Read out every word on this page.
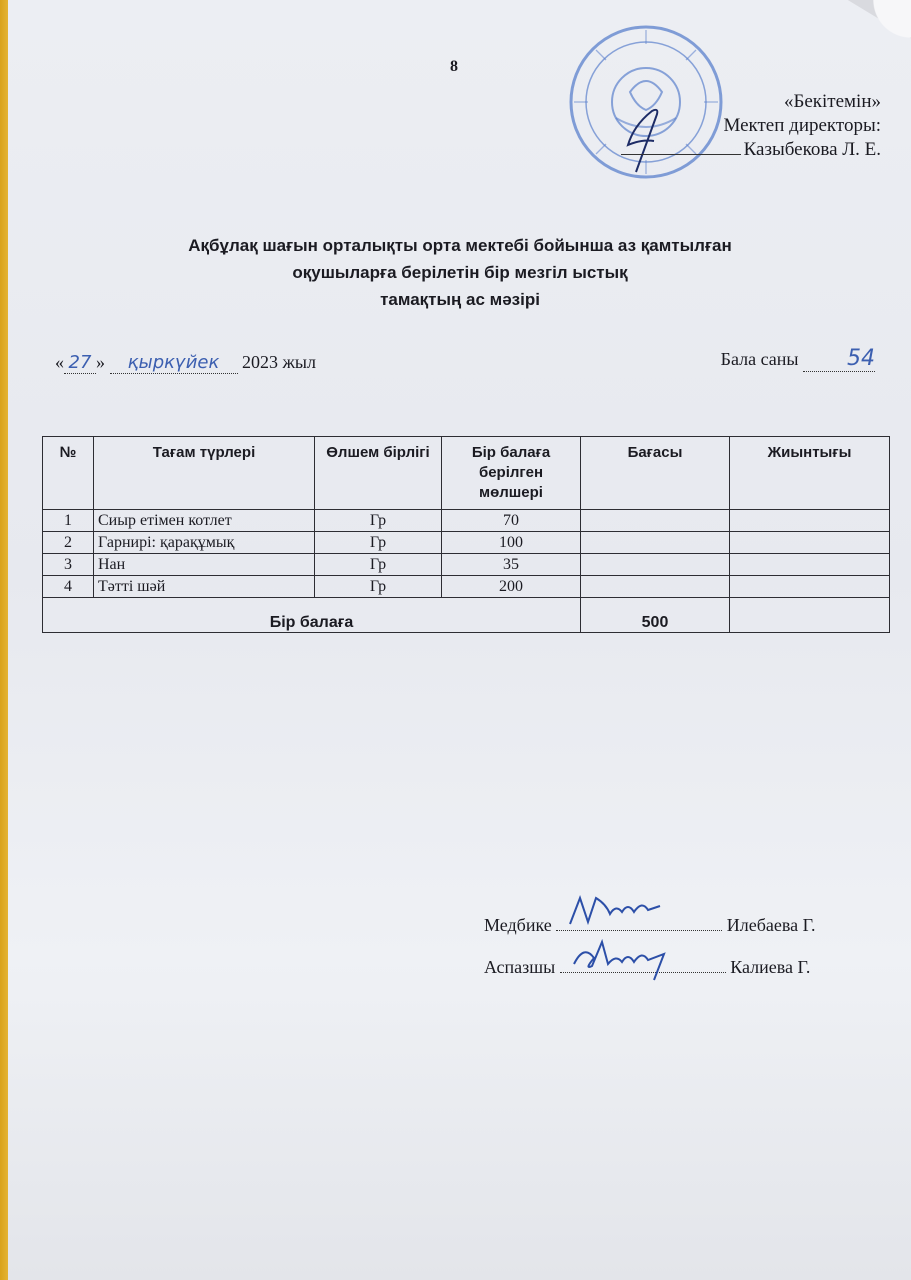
8
«Бекітемін»
Мектеп директоры:
Казыбекова Л. Е.
Ақбұлақ шағын орталықты орта мектебі бойынша аз қамтылған
оқушыларға берілетін бір мезгіл ыстық
тамақтың ас мәзірі
« 27 » қыркүйек 2023 жыл	Бала саны 54
№	Тағам түрлері	Өлшем бірлігі	Бір балаға берілген мөлшері	Бағасы	Жиынтығы
1	Сиыр етімен котлет	Гр	70		
2	Гарнирі: қарақұмық	Гр	100		
3	Нан	Гр	35		
4	Тәтті шәй	Гр	200		
Бір балаға				500	
Медбике	Илебаева Г.
Аспазшы	Калиева Г.
